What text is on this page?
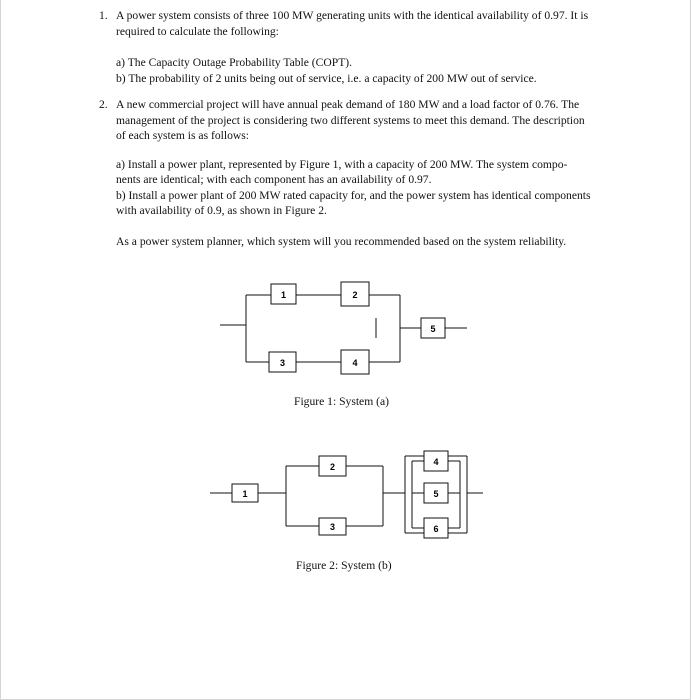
1. A power system consists of three 100 MW generating units with the identical availability of 0.97. It is
required to calculate the following:
a) The Capacity Outage Probability Table (COPT).
b) The probability of 2 units being out of service, i.e. a capacity of 200 MW out of service.
2. A new commercial project will have annual peak demand of 180 MW and a load factor of 0.76. The
management of the project is considering two different systems to meet this demand. The description
of each system is as follows:
a) Install a power plant, represented by Figure 1, with a capacity of 200 MW. The system compo-
nents are identical; with each component has an availability of 0.97.
b) Install a power plant of 200 MW rated capacity for, and the power system has identical components
with availability of 0.9, as shown in Figure 2.
As a power system planner, which system will you recommended based on the system reliability.
1	2
3	4
5
1
2
3
4
5
6
Figure 1: System (a)
Figure 2: System (b)
